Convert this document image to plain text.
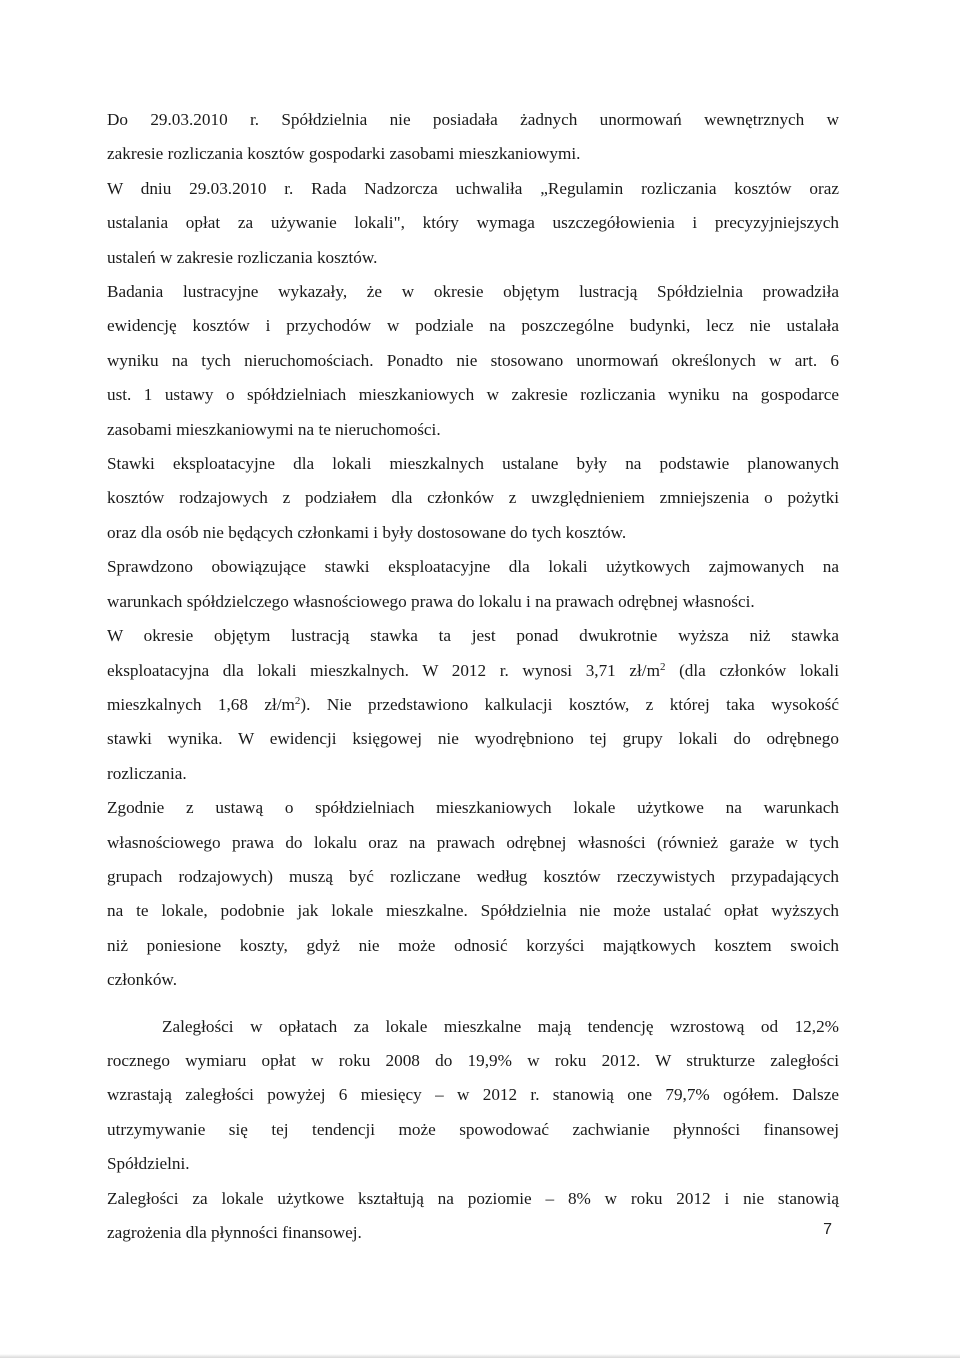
Do 29.03.2010 r. Spółdzielnia nie posiadała żadnych unormowań wewnętrznych w
zakresie rozliczania kosztów gospodarki zasobami mieszkaniowymi.
W dniu 29.03.2010 r. Rada Nadzorcza uchwaliła „Regulamin rozliczania kosztów oraz
ustalania opłat za używanie lokali", który wymaga uszczegółowienia i precyzyjniejszych
ustaleń w zakresie rozliczania kosztów.
Badania lustracyjne wykazały, że w okresie objętym lustracją Spółdzielnia prowadziła
ewidencję kosztów i przychodów w podziale na poszczególne budynki, lecz nie ustalała
wyniku na tych nieruchomościach. Ponadto nie stosowano unormowań określonych w art. 6
ust. 1 ustawy o spółdzielniach mieszkaniowych w zakresie rozliczania wyniku na gospodarce
zasobami mieszkaniowymi na te nieruchomości.
Stawki eksploatacyjne dla lokali mieszkalnych ustalane były na podstawie planowanych
kosztów rodzajowych z podziałem dla członków z uwzględnieniem zmniejszenia o pożytki
oraz dla osób nie będących członkami i były dostosowane do tych kosztów.
Sprawdzono obowiązujące stawki eksploatacyjne dla lokali użytkowych zajmowanych na
warunkach spółdzielczego własnościowego prawa do lokalu i na prawach odrębnej własności.
W okresie objętym lustracją stawka ta jest ponad dwukrotnie wyższa niż stawka
eksploatacyjna dla lokali mieszkalnych. W 2012 r. wynosi 3,71 $zł/m^2$ (dla członków lokali
mieszkalnych 1,68 $zł/m^2$). Nie przedstawiono kalkulacji kosztów, z której taka wysokość
stawki wynika. W ewidencji księgowej nie wyodrębniono tej grupy lokali do odrębnego
rozliczania.
Zgodnie z ustawą o spółdzielniach mieszkaniowych lokale użytkowe na warunkach
własnościowego prawa do lokalu oraz na prawach odrębnej własności (również garaże w tych
grupach rodzajowych) muszą być rozliczane według kosztów rzeczywistych przypadających
na te lokale, podobnie jak lokale mieszkalne. Spółdzielnia nie może ustalać opłat wyższych
niż poniesione koszty, gdyż nie może odnosić korzyści majątkowych kosztem swoich
członków.
Zaległości w opłatach za lokale mieszkalne mają tendencję wzrostową od 12,2%
rocznego wymiaru opłat w roku 2008 do 19,9% w roku 2012. W strukturze zaległości
wzrastają zaległości powyżej 6 miesięcy – w 2012 r. stanowią one 79,7% ogółem. Dalsze
utrzymywanie się tej tendencji może spowodować zachwianie płynności finansowej
Spółdzielni.
Zaległości za lokale użytkowe kształtują na poziomie – 8% w roku 2012 i nie stanowią
zagrożenia dla płynności finansowej.	7
